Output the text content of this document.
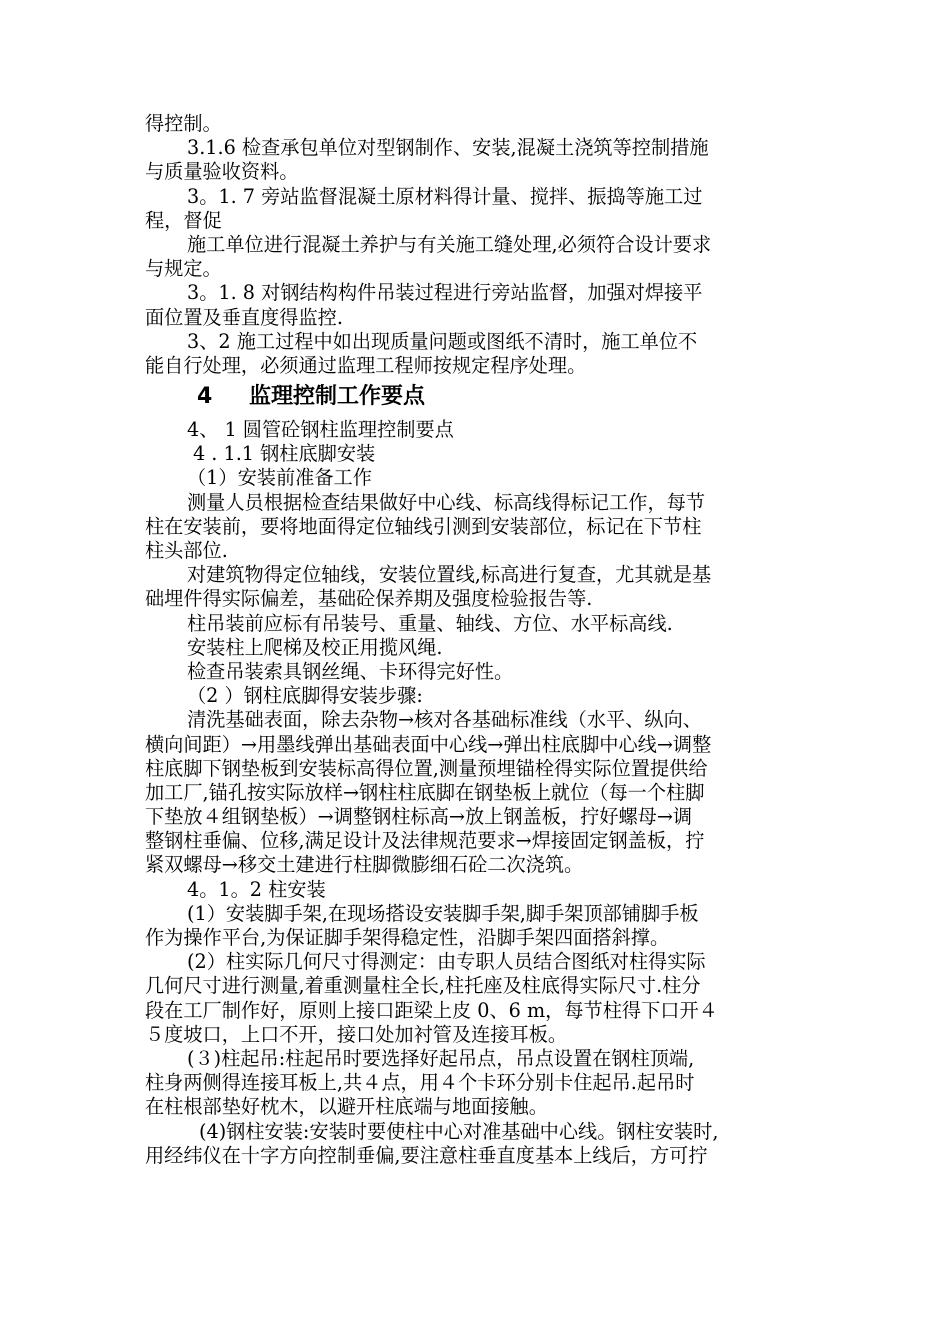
得控制。
3.1.6 检查承包单位对型钢制作、安装,混凝土浇筑等控制措施
与质量验收资料。
3。1. 7 旁站监督混凝土原材料得计量、搅拌、振捣等施工过
程，督促
施工单位进行混凝土养护与有关施工缝处理,必须符合设计要求
与规定。
3。1. 8 对钢结构构件吊装过程进行旁站监督，加强对焊接平
面位置及垂直度得监控.
3、2 施工过程中如出现质量问题或图纸不清时，施工单位不
能自行处理，必须通过监理工程师按规定程序处理。
4 监理控制工作要点
4、 1 圆管砼钢柱监理控制要点
4 . 1.1 钢柱底脚安装
（1）安装前准备工作
测量人员根据检查结果做好中心线、标高线得标记工作，每节
柱在安装前，要将地面得定位轴线引测到安装部位，标记在下节柱
柱头部位.
对建筑物得定位轴线，安装位置线,标高进行复查，尤其就是基
础埋件得实际偏差，基础砼保养期及强度检验报告等.
柱吊装前应标有吊装号、重量、轴线、方位、水平标高线.
安装柱上爬梯及校正用揽风绳.
检查吊装索具钢丝绳、卡环得完好性。
（2 ）钢柱底脚得安装步骤:
清洗基础表面，除去杂物→核对各基础标准线（水平、纵向、
横向间距）→用墨线弹出基础表面中心线→弹出柱底脚中心线→调整
柱底脚下钢垫板到安装标高得位置,测量预埋锚栓得实际位置提供给
加工厂,锚孔按实际放样→钢柱柱底脚在钢垫板上就位（每一个柱脚
下垫放４组钢垫板）→调整钢柱标高→放上钢盖板，拧好螺母→调
整钢柱垂偏、位移,满足设计及法律规范要求→焊接固定钢盖板，拧
紧双螺母→移交土建进行柱脚微膨细石砼二次浇筑。
4。1。2 柱安装
(1）安装脚手架,在现场搭设安装脚手架,脚手架顶部铺脚手板
作为操作平台,为保证脚手架得稳定性，沿脚手架四面搭斜撑。
(2）柱实际几何尺寸得测定：由专职人员结合图纸对柱得实际
几何尺寸进行测量,着重测量柱全长,柱托座及柱底得实际尺寸.柱分
段在工厂制作好，原则上接口距梁上皮 0、6 m，每节柱得下口开４
５度坡口，上口不开，接口处加衬管及连接耳板。
(３)柱起吊:柱起吊时要选择好起吊点，吊点设置在钢柱顶端,
柱身两侧得连接耳板上,共４点，用４个卡环分别卡住起吊.起吊时
在柱根部垫好枕木，以避开柱底端与地面接触。
(4)钢柱安装:安装时要使柱中心对准基础中心线。钢柱安装时,
用经纬仪在十字方向控制垂偏,要注意柱垂直度基本上线后，方可拧
